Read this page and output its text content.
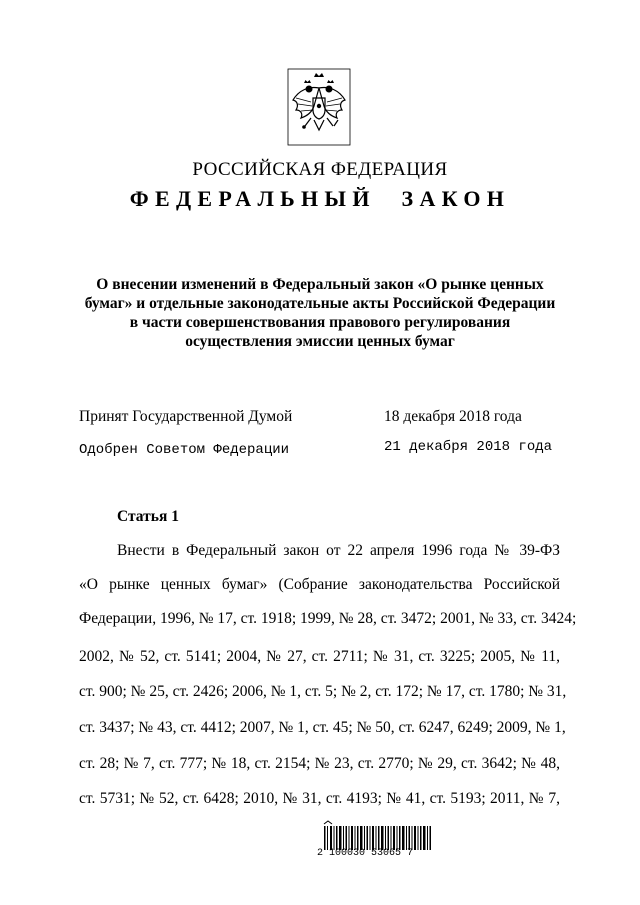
РОССИЙСКАЯ ФЕДЕРАЦИЯ
ФЕДЕРАЛЬНЫЙ ЗАКОН
О внесении изменений в Федеральный закон «О рынке ценных
бумаг» и отдельные законодательные акты Российской Федерации
в части совершенствования правового регулирования
осуществления эмиссии ценных бумаг
Принят Государственной Думой	18 декабря 2018 года
Одобрен Советом Федерации	21 декабря 2018 года
Статья 1
Внести в Федеральный закон от 22 апреля 1996 года № 39-ФЗ
«О рынке ценных бумаг» (Собрание законодательства Российской
Федерации, 1996, № 17, ст. 1918; 1999, № 28, ст. 3472; 2001, № 33, ст. 3424;
2002, № 52, ст. 5141; 2004, № 27, ст. 2711; № 31, ст. 3225; 2005, № 11,
ст. 900; № 25, ст. 2426; 2006, № 1, ст. 5; № 2, ст. 172; № 17, ст. 1780; № 31,
ст. 3437; № 43, ст. 4412; 2007, № 1, ст. 45; № 50, ст. 6247, 6249; 2009, № 1,
ст. 28; № 7, ст. 777; № 18, ст. 2154; № 23, ст. 2770; № 29, ст. 3642; № 48,
ст. 5731; № 52, ст. 6428; 2010, № 31, ст. 4193; № 41, ст. 5193; 2011, № 7,
2 100030 53065 7
